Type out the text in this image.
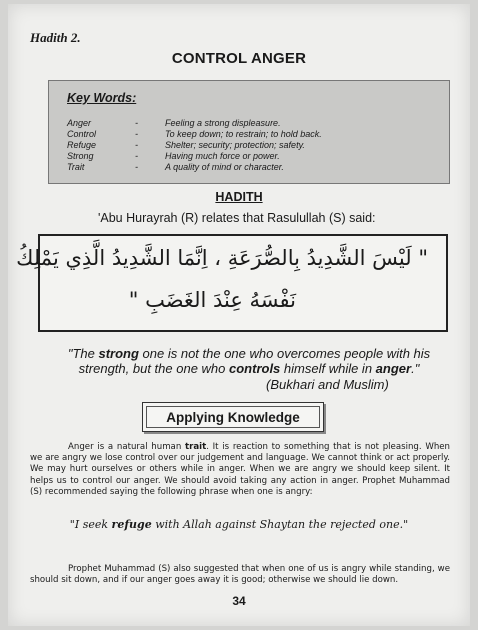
Hadith 2.
CONTROL ANGER
Key Words:
Anger	-	Feeling a strong displeasure.
Control	-	To keep down; to restrain; to hold back.
Refuge	-	Shelter; security; protection; safety.
Strong	-	Having much force or power.
Trait	-	A quality of mind or character.
HADITH
'Abu Hurayrah (R) relates that Rasulullah (S) said:
" لَيْسَ الشَّدِيدُ بِالصُّرَعَةِ ، اِنَّمَا الشَّدِيدُ الَّذِي يَمْلِكُ
نَفْسَهُ عِنْدَ الغَضَبِ "
"The strong one is not the one who overcomes people with his strength, but the one who controls himself while in anger."
(Bukhari and Muslim)
Applying Knowledge
Anger is a natural human trait. It is reaction to something that is not pleasing. When we are angry we lose control over our judgement and language. We cannot think or act properly. We may hurt ourselves or others while in anger. When we are angry we should keep silent. It helps us to control our anger. We should avoid taking any action in anger. Prophet Muhammad (S) recommended saying the following phrase when one is angry:
"I seek refuge with Allah against Shaytan the rejected one."
Prophet Muhammad (S) also suggested that when one of us is angry while standing, we should sit down, and if our anger goes away it is good; otherwise we should lie down.
34
